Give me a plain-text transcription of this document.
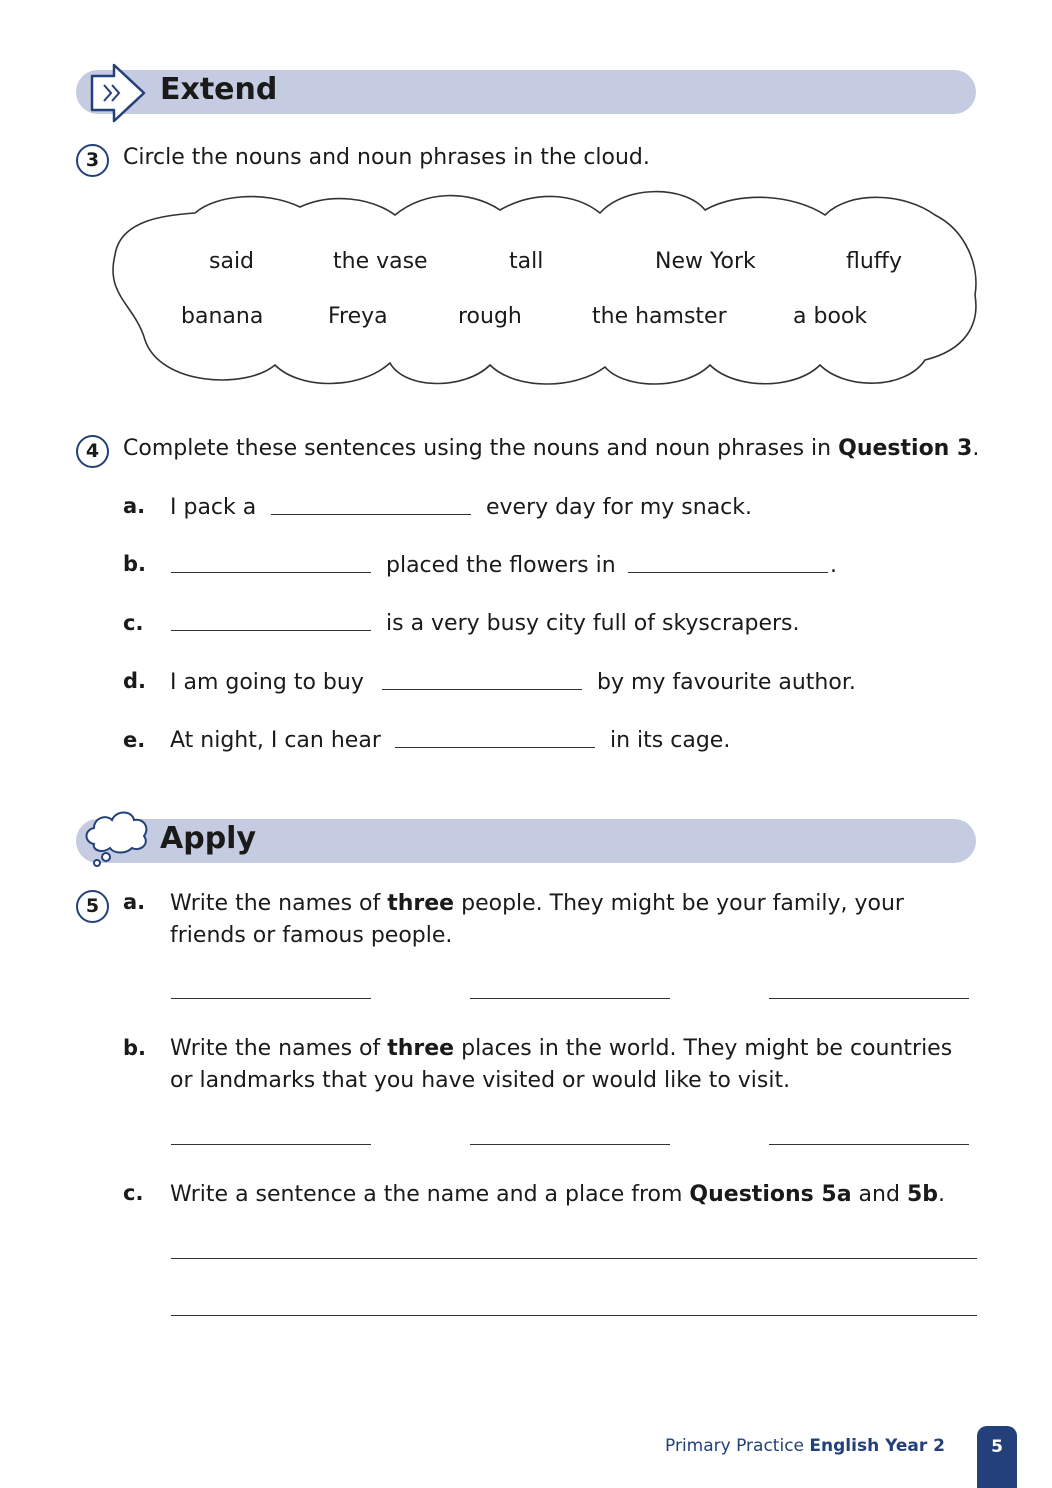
Extend
3	Circle the nouns and noun phrases in the cloud.
said	the vase	tall	New York	fluffy
banana	Freya	rough	the hamster	a book
4	Complete these sentences using the nouns and noun phrases in Question 3.
a. I pack a	every day for my snack.
b.	placed the flowers in	.
c.	is a very busy city full of skyscrapers.
d. I am going to buy	by my favourite author.
e. At night, I can hear	in its cage.
Apply
5	a. Write the names of three people. They might be your family, your friends or famous people.
b. Write the names of three places in the world. They might be countries or landmarks that you have visited or would like to visit.
c. Write a sentence a the name and a place from Questions 5a and 5b.
Primary Practice English Year 2	5
